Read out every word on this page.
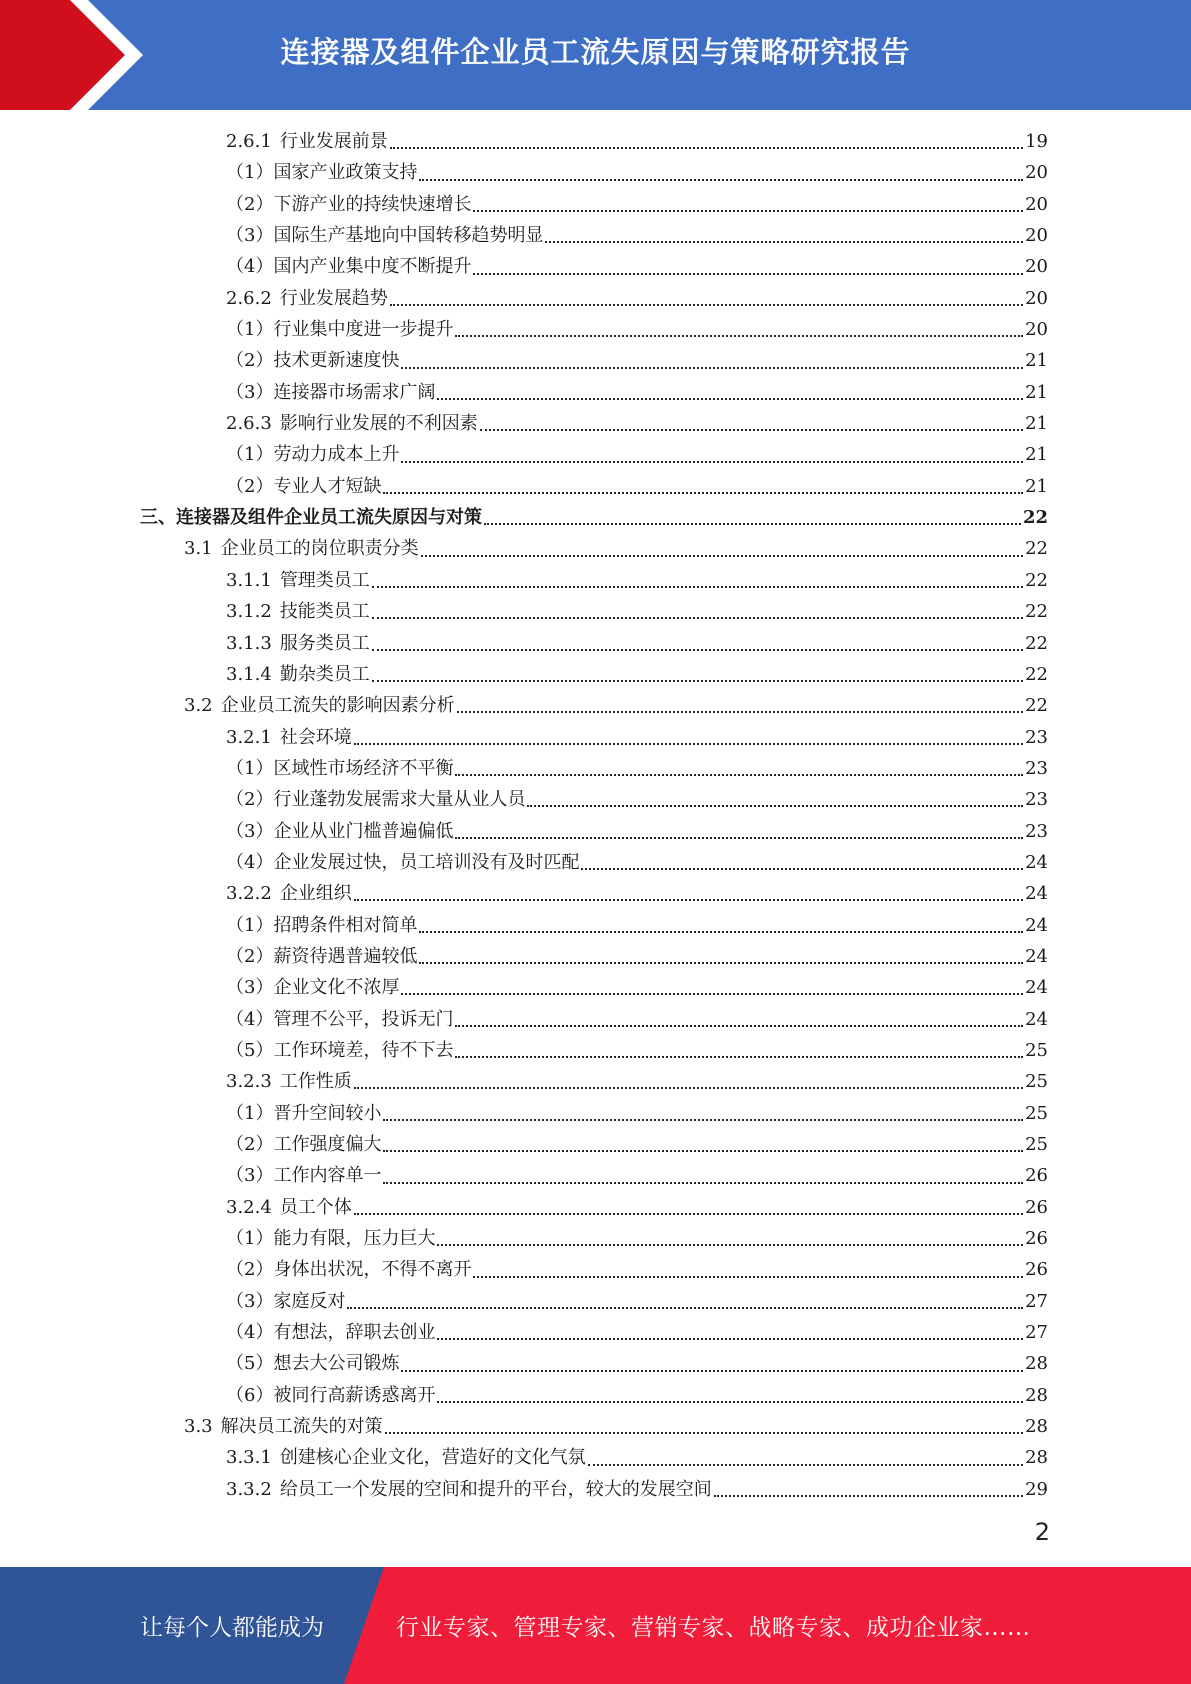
连接器及组件企业员工流失原因与策略研究报告
2.6.1 行业发展前景	19
（1） 国家产业政策支持	20
（2） 下游产业的持续快速增长	20
（3） 国际生产基地向中国转移趋势明显	20
（4） 国内产业集中度不断提升	20
2.6.2 行业发展趋势	20
（1） 行业集中度进一步提升	20
（2） 技术更新速度快	21
（3） 连接器市场需求广阔	21
2.6.3 影响行业发展的不利因素	21
（1） 劳动力成本上升	21
（2） 专业人才短缺	21
三、连接器及组件企业员工流失原因与对策	22
3.1 企业员工的岗位职责分类	22
3.1.1 管理类员工	22
3.1.2 技能类员工	22
3.1.3 服务类员工	22
3.1.4 勤杂类员工	22
3.2 企业员工流失的影响因素分析	22
3.2.1 社会环境	23
（1） 区域性市场经济不平衡	23
（2） 行业蓬勃发展需求大量从业人员	23
（3） 企业从业门槛普遍偏低	23
（4） 企业发展过快，员工培训没有及时匹配	24
3.2.2 企业组织	24
（1） 招聘条件相对简单	24
（2） 薪资待遇普遍较低	24
（3） 企业文化不浓厚	24
（4） 管理不公平，投诉无门	24
（5） 工作环境差，待不下去	25
3.2.3 工作性质	25
（1） 晋升空间较小	25
（2） 工作强度偏大	25
（3） 工作内容单一	26
3.2.4 员工个体	26
（1） 能力有限，压力巨大	26
（2） 身体出状况，不得不离开	26
（3） 家庭反对	27
（4） 有想法，辞职去创业	27
（5） 想去大公司锻炼	28
（6） 被同行高薪诱惑离开	28
3.3 解决员工流失的对策	28
3.3.1 创建核心企业文化，营造好的文化气氛	28
3.3.2 给员工一个发展的空间和提升的平台，较大的发展空间	29
2
让每个人都能成为	行业专家、管理专家、营销专家、战略专家、成功企业家……
